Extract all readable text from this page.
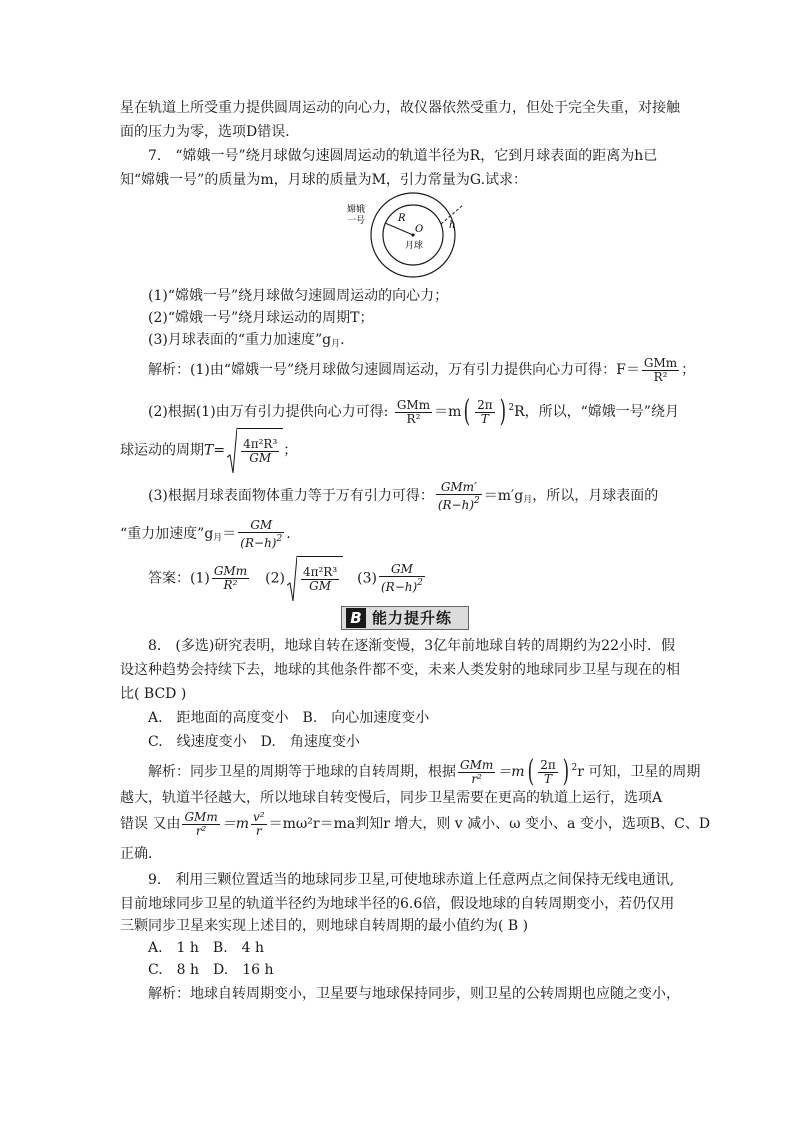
星在轨道上所受重力提供圆周运动的向心力，故仪器依然受重力，但处于完全失重，对接触
面的压力为零，选项D错误．
7.　“嫦娥一号”绕月球做匀速圆周运动的轨道半径为R，它到月球表面的距离为h已
知“嫦娥一号”的质量为m，月球的质量为M，引力常量为G.试求：
嫦娥
一号	R
O
月球
h
(1)“嫦娥一号”绕月球做匀速圆周运动的向心力；
(2)“嫦娥一号”绕月球运动的周期T；
(3)月球表面的“重力加速度$”g_月$.
解析：(1)由“嫦娥一号”绕月球做匀速圆周运动，万有引力提供向心力可得：$F= \frac{\text{GMm}}{\text{R²}}$ ；
(2)根据(1)由万有引力提供向心力可得: $\frac{\text{GMm}}{\text{R²}} =m( \frac{2\pi}{T}$ ) $^2$R，所以，“嫦娥一号”绕月
球运动的周期$T= \frac{\text{4π²R³}}{GM}$ ；
(3)根据月球表面物体重力等于万有引力可得： $\frac{\text{GMm′}}{(R-h)^2} =m'g_月$，所以，月球表面的
“重力加速度$”g_月= \frac{GM}{(R-h)^2}$ .
答案：$(1) \frac{\text{GMm}}{\text{R²}}$
　 $(2) \frac{\text{4π²R³}}{GM}$
　 $(3) \frac{GM}{(R-h)^2}$
B 能力提升练
8.　(多选)研究表明，地球自转在逐渐变慢，3亿年前地球自转的周期约为22小时．假
设这种趋势会持续下去，地球的其他条件都不变，未来人类发射的地球同步卫星与现在的相
比( BCD )
A.　距地面的高度变小　B.　向心加速度变小
C.　线速度变小　D.　角速度变小
解析：同步卫星的周期等于地球的自转周期，根据 $\frac{\text{GMm}}{\text{r²}} =m( \frac{2\pi}{T}$ ) $^2$r 可知，卫星的周期
越大，轨道半径越大，所以地球自转变慢后，同步卫星需要在更高的轨道上运行，选项A
错误 又由 $\frac{\text{GMm}}{\text{r²}} =m \frac{\text{v²}}{r} =m\omega^2r=ma$判知r 增大，则 v 减小、ω 变小、a 变小，选项B、C、D
正确．
9.　利用三颗位置适当的地球同步卫星,可使地球赤道上任意两点之间保持无线电通讯,
目前地球同步卫星的轨道半径约为地球半径的6.6倍，假设地球的自转周期变小，若仍仅用
三颗同步卫星来实现上述目的，则地球自转周期的最小值约为( B )
A.　1 h　B.　4 h
C.　8 h　D.　16 h
解析：地球自转周期变小，卫星要与地球保持同步，则卫星的公转周期也应随之变小，
